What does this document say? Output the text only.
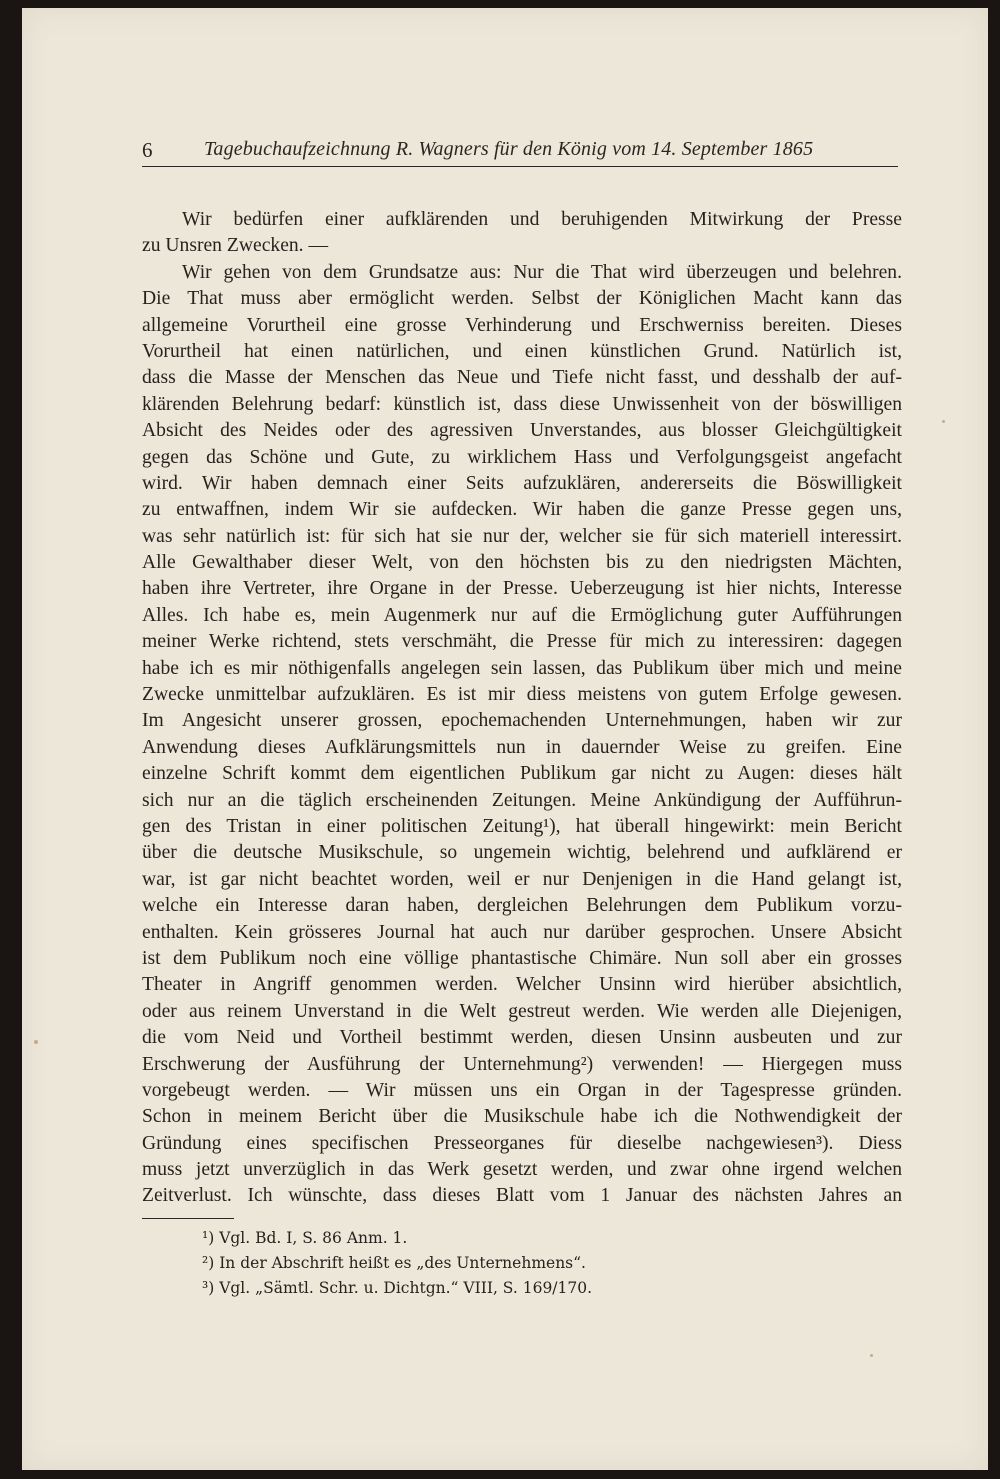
6	Tagebuchaufzeichnung R. Wagners für den König vom 14. September 1865
Wir bedürfen einer aufklärenden und beruhigenden Mitwirkung der Presse
zu Unsren Zwecken. —
Wir gehen von dem Grundsatze aus: Nur die That wird überzeugen und belehren.
Die That muss aber ermöglicht werden. Selbst der Königlichen Macht kann das
allgemeine Vorurtheil eine grosse Verhinderung und Erschwerniss bereiten. Dieses
Vorurtheil hat einen natürlichen, und einen künstlichen Grund. Natürlich ist,
dass die Masse der Menschen das Neue und Tiefe nicht fasst, und desshalb der auf-
klärenden Belehrung bedarf: künstlich ist, dass diese Unwissenheit von der böswilligen
Absicht des Neides oder des agressiven Unverstandes, aus blosser Gleichgültigkeit
gegen das Schöne und Gute, zu wirklichem Hass und Verfolgungsgeist angefacht
wird. Wir haben demnach einer Seits aufzuklären, andererseits die Böswilligkeit
zu entwaffnen, indem Wir sie aufdecken. Wir haben die ganze Presse gegen uns,
was sehr natürlich ist: für sich hat sie nur der, welcher sie für sich materiell interessirt.
Alle Gewalthaber dieser Welt, von den höchsten bis zu den niedrigsten Mächten,
haben ihre Vertreter, ihre Organe in der Presse. Ueberzeugung ist hier nichts, Interesse
Alles. Ich habe es, mein Augenmerk nur auf die Ermöglichung guter Aufführungen
meiner Werke richtend, stets verschmäht, die Presse für mich zu interessiren: dagegen
habe ich es mir nöthigenfalls angelegen sein lassen, das Publikum über mich und meine
Zwecke unmittelbar aufzuklären. Es ist mir diess meistens von gutem Erfolge gewesen.
Im Angesicht unserer grossen, epochemachenden Unternehmungen, haben wir zur
Anwendung dieses Aufklärungsmittels nun in dauernder Weise zu greifen. Eine
einzelne Schrift kommt dem eigentlichen Publikum gar nicht zu Augen: dieses hält
sich nur an die täglich erscheinenden Zeitungen. Meine Ankündigung der Aufführun-
gen des Tristan in einer politischen Zeitung¹), hat überall hingewirkt: mein Bericht
über die deutsche Musikschule, so ungemein wichtig, belehrend und aufklärend er
war, ist gar nicht beachtet worden, weil er nur Denjenigen in die Hand gelangt ist,
welche ein Interesse daran haben, dergleichen Belehrungen dem Publikum vorzu-
enthalten. Kein grösseres Journal hat auch nur darüber gesprochen. Unsere Absicht
ist dem Publikum noch eine völlige phantastische Chimäre. Nun soll aber ein grosses
Theater in Angriff genommen werden. Welcher Unsinn wird hierüber absichtlich,
oder aus reinem Unverstand in die Welt gestreut werden. Wie werden alle Diejenigen,
die vom Neid und Vortheil bestimmt werden, diesen Unsinn ausbeuten und zur
Erschwerung der Ausführung der Unternehmung²) verwenden! — Hiergegen muss
vorgebeugt werden. — Wir müssen uns ein Organ in der Tagespresse gründen.
Schon in meinem Bericht über die Musikschule habe ich die Nothwendigkeit der
Gründung eines specifischen Presseorganes für dieselbe nachgewiesen³). Diess
muss jetzt unverzüglich in das Werk gesetzt werden, und zwar ohne irgend welchen
Zeitverlust. Ich wünschte, dass dieses Blatt vom 1 Januar des nächsten Jahres an
¹) Vgl. Bd. I, S. 86 Anm. 1.
²) In der Abschrift heißt es „des Unternehmens“.
³) Vgl. „Sämtl. Schr. u. Dichtgn.“ VIII, S. 169/170.
